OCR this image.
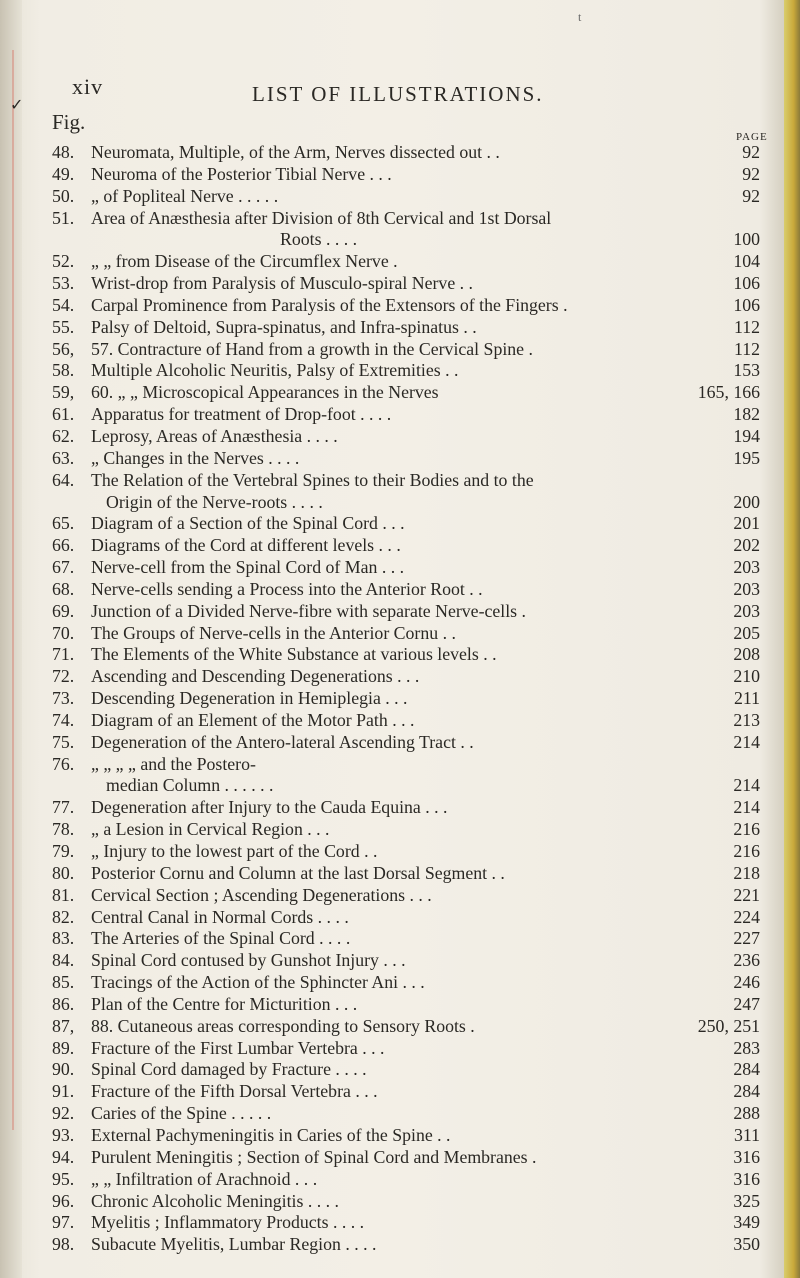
✓
t
xiv	LIST OF ILLUSTRATIONS.
Fig.
PAGE
48. Neuromata, Multiple, of the Arm, Nerves dissected out . .	92
49. Neuroma of the Posterior Tibial Nerve . . .	92
50. „ of Popliteal Nerve . . . . .	92
51. Area of Anæsthesia after Division of 8th Cervical and 1st Dorsal
Roots . . . .	100
52. „ „ from Disease of the Circumflex Nerve .	104
53. Wrist-drop from Paralysis of Musculo-spiral Nerve . .	106
54. Carpal Prominence from Paralysis of the Extensors of the Fingers .	106
55. Palsy of Deltoid, Supra-spinatus, and Infra-spinatus . .	112
56, 57. Contracture of Hand from a growth in the Cervical Spine .	112
58. Multiple Alcoholic Neuritis, Palsy of Extremities . .	153
59, 60. „ „ Microscopical Appearances in the Nerves	165, 166
61. Apparatus for treatment of Drop-foot . . . .	182
62. Leprosy, Areas of Anæsthesia . . . .	194
63. „ Changes in the Nerves . . . .	195
64. The Relation of the Vertebral Spines to their Bodies and to the
Origin of the Nerve-roots . . . .	200
65. Diagram of a Section of the Spinal Cord . . .	201
66. Diagrams of the Cord at different levels . . .	202
67. Nerve-cell from the Spinal Cord of Man . . .	203
68. Nerve-cells sending a Process into the Anterior Root . .	203
69. Junction of a Divided Nerve-fibre with separate Nerve-cells .	203
70. The Groups of Nerve-cells in the Anterior Cornu . .	205
71. The Elements of the White Substance at various levels . .	208
72. Ascending and Descending Degenerations . . .	210
73. Descending Degeneration in Hemiplegia . . .	211
74. Diagram of an Element of the Motor Path . . .	213
75. Degeneration of the Antero-lateral Ascending Tract . .	214
76. „ „ „ „ and the Postero-
median Column . . . . . .	214
77. Degeneration after Injury to the Cauda Equina . . .	214
78. „ a Lesion in Cervical Region . . .	216
79. „ Injury to the lowest part of the Cord . .	216
80. Posterior Cornu and Column at the last Dorsal Segment . .	218
81. Cervical Section ; Ascending Degenerations . . .	221
82. Central Canal in Normal Cords . . . .	224
83. The Arteries of the Spinal Cord . . . .	227
84. Spinal Cord contused by Gunshot Injury . . .	236
85. Tracings of the Action of the Sphincter Ani . . .	246
86. Plan of the Centre for Micturition . . .	247
87, 88. Cutaneous areas corresponding to Sensory Roots .	250, 251
89. Fracture of the First Lumbar Vertebra . . .	283
90. Spinal Cord damaged by Fracture . . . .	284
91. Fracture of the Fifth Dorsal Vertebra . . .	284
92. Caries of the Spine . . . . .	288
93. External Pachymeningitis in Caries of the Spine . .	311
94. Purulent Meningitis ; Section of Spinal Cord and Membranes .	316
95. „ „ Infiltration of Arachnoid . . .	316
96. Chronic Alcoholic Meningitis . . . .	325
97. Myelitis ; Inflammatory Products . . . .	349
98. Subacute Myelitis, Lumbar Region . . . .	350
